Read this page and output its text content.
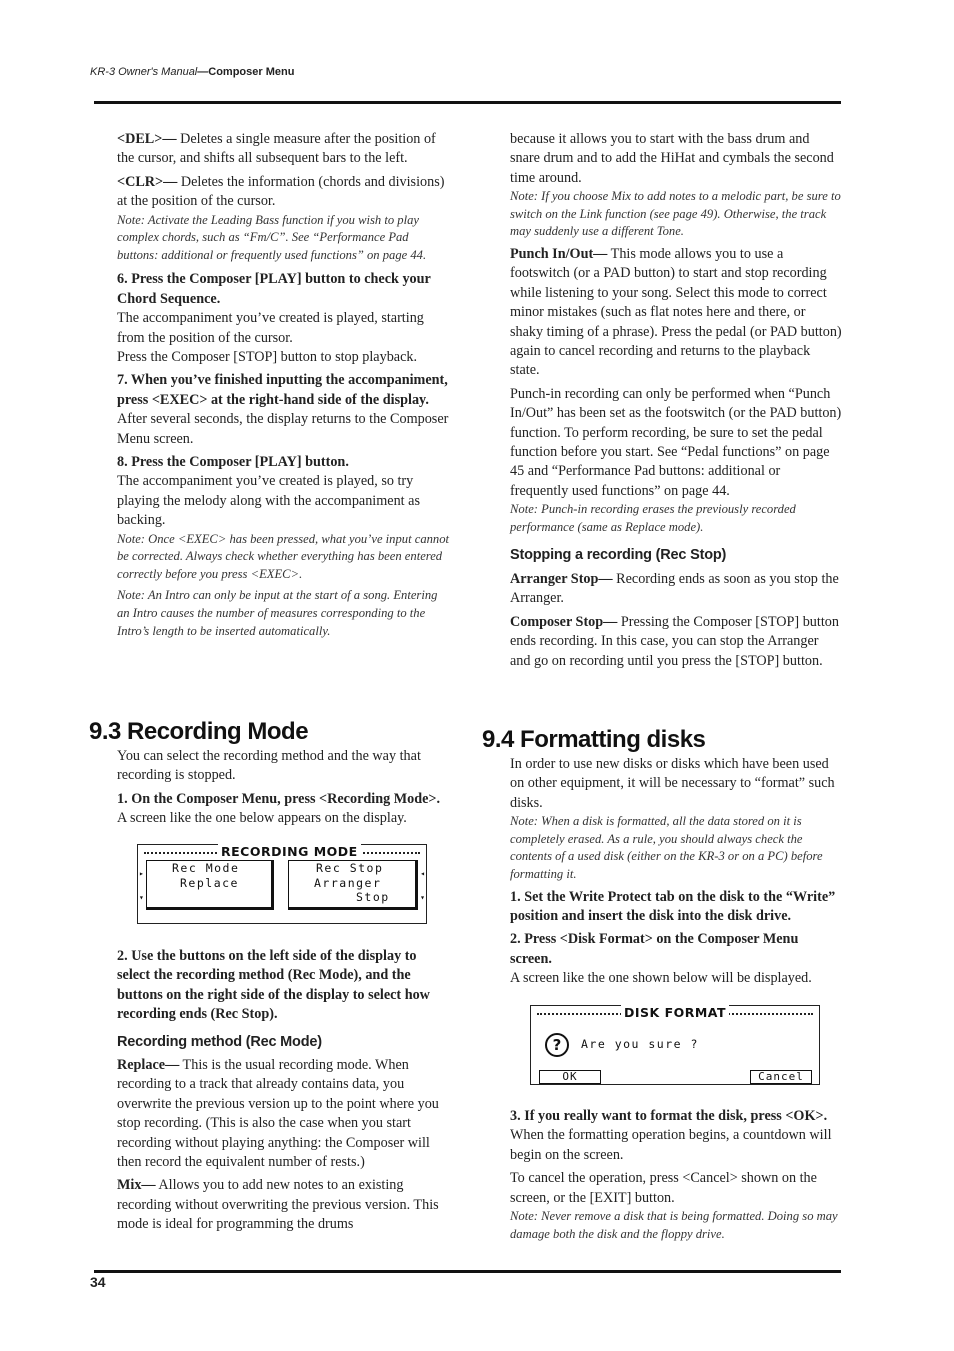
KR-3 Owner's Manual—Composer Menu

<DEL>— Deletes a single measure after the position of the cursor, and shifts all subsequent bars to the left.

<CLR>— Deletes the information (chords and divisions) at the position of the cursor.

Note: Activate the Leading Bass function if you wish to play complex chords, such as “Fm/C”. See “Performance Pad buttons: additional or frequently used functions” on page 44.

6. Press the Composer [PLAY] button to check your Chord Sequence.

The accompaniment you’ve created is played, starting from the position of the cursor.

Press the Composer [STOP] button to stop playback.

7. When you’ve finished inputting the accompaniment, press <EXEC> at the right-hand side of the display.

After several seconds, the display returns to the Composer Menu screen.

8. Press the Composer [PLAY] button.

The accompaniment you’ve created is played, so try playing the melody along with the accompaniment as backing.

Note: Once <EXEC> has been pressed, what you’ve input cannot be corrected. Always check whether everything has been entered correctly before you press <EXEC>.

Note: An Intro can only be input at the start of a song. Entering an Intro causes the number of measures corresponding to the Intro’s length to be inserted automatically.

9.3 Recording Mode

You can select the recording method and the way that recording is stopped.

1. On the Composer Menu, press <Recording Mode>.

A screen like the one below appears on the display.

RECORDING MODE
Rec Mode
Replace
Rec Stop
Arranger
Stop
▸
▾
◂
▾

2. Use the buttons on the left side of the display to select the recording method (Rec Mode), and the buttons on the right side of the display to select how recording ends (Rec Stop).

Recording method (Rec Mode)

Replace— This is the usual recording mode. When recording to a track that already contains data, you overwrite the previous version up to the point where you stop recording. (This is also the case when you start recording without playing anything: the Composer will then record the equivalent number of rests.)

Mix— Allows you to add new notes to an existing recording without overwriting the previous version. This mode is ideal for programming the drums

because it allows you to start with the bass drum and snare drum and to add the HiHat and cymbals the second time around.

Note: If you choose Mix to add notes to a melodic part, be sure to switch on the Link function (see page 49). Otherwise, the track may suddenly use a different Tone.

Punch In/Out— This mode allows you to use a footswitch (or a PAD button) to start and stop recording while listening to your song. Select this mode to correct minor mistakes (such as flat notes here and there, or shaky timing of a phrase). Press the pedal (or PAD button) again to cancel recording and returns to the playback state.

Punch-in recording can only be performed when “Punch In/Out” has been set as the footswitch (or the PAD button) function. To perform recording, be sure to set the pedal function before you start. See “Pedal functions” on page 45 and “Performance Pad buttons: additional or frequently used functions” on page 44.

Note: Punch-in recording erases the previously recorded performance (same as Replace mode).

Stopping a recording (Rec Stop)

Arranger Stop— Recording ends as soon as you stop the Arranger.

Composer Stop— Pressing the Composer [STOP] button ends recording. In this case, you can stop the Arranger and go on recording until you press the [STOP] button.

9.4 Formatting disks

In order to use new disks or disks which have been used on other equipment, it will be necessary to “format” such disks.

Note: When a disk is formatted, all the data stored on it is completely erased. As a rule, you should always check the contents of a used disk (either on the KR-3 or on a PC) before formatting it.

1. Set the Write Protect tab on the disk to the “Write” position and insert the disk into the disk drive.

2. Press <Disk Format> on the Composer Menu screen.

A screen like the one shown below will be displayed.

DISK FORMAT
?	Are you sure ?
OK	Cancel

3. If you really want to format the disk, press <OK>.

When the formatting operation begins, a countdown will begin on the screen.

To cancel the operation, press <Cancel> shown on the screen, or the [EXIT] button.

Note: Never remove a disk that is being formatted. Doing so may damage both the disk and the floppy drive.

34
